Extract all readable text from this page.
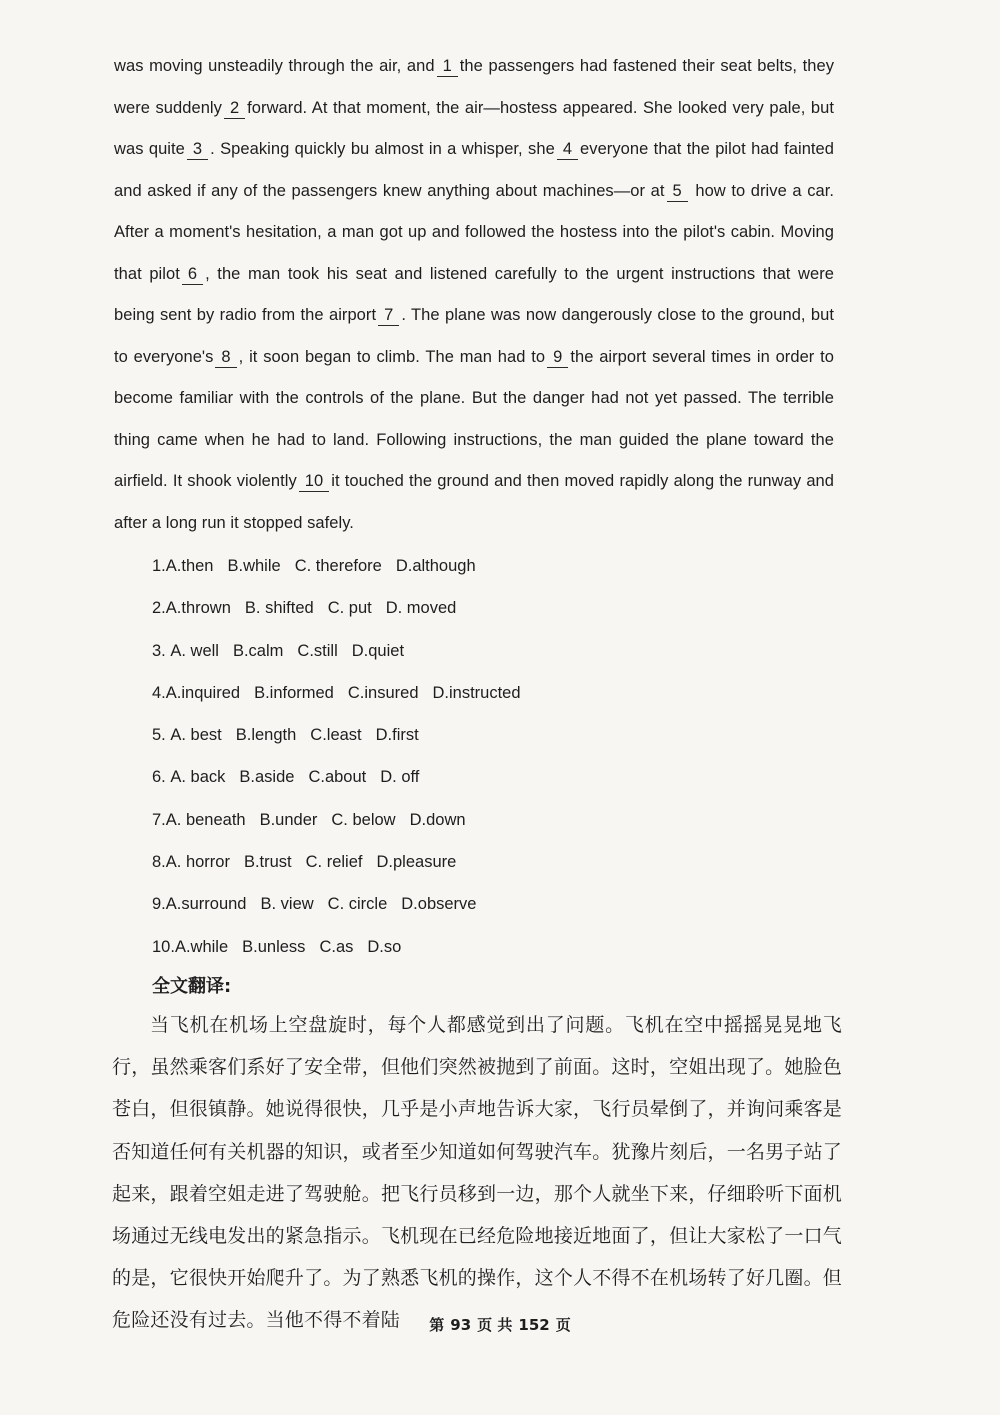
was moving unsteadily through the air, and 1 the passengers had fastened their seat belts, they were suddenly 2 forward. At that moment, the air—hostess appeared. She looked very pale, but was quite 3 . Speaking quickly bu almost in a whisper, she 4 everyone that the pilot had fainted and asked if any of the passengers knew anything about machines—or at 5 how to drive a car. After a moment's hesitation, a man got up and followed the hostess into the pilot's cabin. Moving that pilot 6 , the man took his seat and listened carefully to the urgent instructions that were being sent by radio from the airport 7 . The plane was now dangerously close to the ground, but to everyone's 8 , it soon began to climb. The man had to 9 the airport several times in order to become familiar with the controls of the plane. But the danger had not yet passed. The terrible thing came when he had to land. Following instructions, the man guided the plane toward the airfield. It shook violently 10 it touched the ground and then moved rapidly along the runway and after a long run it stopped safely.
1.A.then B.while C. therefore D.although
2.A.thrown B. shifted C. put D. moved
3. A. well B.calm C.still D.quiet
4.A.inquired B.informed C.insured D.instructed
5. A. best B.length C.least D.first
6. A. back B.aside C.about D. off
7.A. beneath B.under C. below D.down
8.A. horror B.trust C. relief D.pleasure
9.A.surround B. view C. circle D.observe
10.A.while B.unless C.as D.so
全文翻译:
当飞机在机场上空盘旋时，每个人都感觉到出了问题。飞机在空中摇摇晃晃地飞行，虽然乘客们系好了安全带，但他们突然被抛到了前面。这时，空姐出现了。她脸色苍白，但很镇静。她说得很快，几乎是小声地告诉大家，飞行员晕倒了，并询问乘客是否知道任何有关机器的知识，或者至少知道如何驾驶汽车。犹豫片刻后，一名男子站了起来，跟着空姐走进了驾驶舱。把飞行员移到一边，那个人就坐下来，仔细聆听下面机场通过无线电发出的紧急指示。飞机现在已经危险地接近地面了，但让大家松了一口气的是，它很快开始爬升了。为了熟悉飞机的操作，这个人不得不在机场转了好几圈。但危险还没有过去。当他不得不着陆	第 93 页 共 152 页
